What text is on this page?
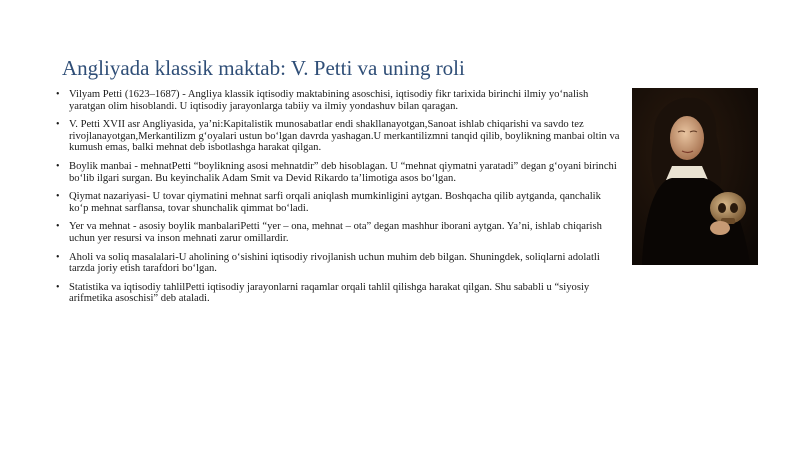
Angliyada klassik maktab: V. Petti va uning roli
• Vilyam Petti (1623–1687) - Angliya klassik iqtisodiy maktabining asoschisi, iqtisodiy fikr tarixida birinchi ilmiy yo‘nalish yaratgan olim hisoblandi. U iqtisodiy jarayonlarga tabiiy va ilmiy yondashuv bilan qaragan.
• V. Petti XVII asr Angliyasida, ya’ni:Kapitalistik munosabatlar endi shakllanayotgan,Sanoat ishlab chiqarishi va savdo tez rivojlanayotgan,Merkantilizm g‘oyalari ustun bo‘lgan davrda yashagan.U merkantilizmni tanqid qilib, boylikning manbai oltin va kumush emas, balki mehnat deb isbotlashga harakat qilgan.
• Boylik manbai - mehnatPetti “boylikning asosi mehnatdir” deb hisoblagan. U “mehnat qiymatni yaratadi” degan g‘oyani birinchi bo‘lib ilgari surgan. Bu keyinchalik Adam Smit va Devid Rikardo ta’limotiga asos bo‘lgan.
• Qiymat nazariyasi- U tovar qiymatini mehnat sarfi orqali aniqlash mumkinligini aytgan. Boshqacha qilib aytganda, qanchalik ko‘p mehnat sarflansa, tovar shunchalik qimmat bo‘ladi.
• Yer va mehnat - asosiy boylik manbalariPetti “yer – ona, mehnat – ota” degan mashhur iborani aytgan. Ya’ni, ishlab chiqarish uchun yer resursi va inson mehnati zarur omillardir.
• Aholi va soliq masalalari-U aholining o‘sishini iqtisodiy rivojlanish uchun muhim deb bilgan. Shuningdek, soliqlarni adolatli tarzda joriy etish tarafdori bo‘lgan.
• Statistika va iqtisodiy tahlilPetti iqtisodiy jarayonlarni raqamlar orqali tahlil qilishga harakat qilgan. Shu sababli u “siyosiy arifmetika asoschisi” deb ataladi.
